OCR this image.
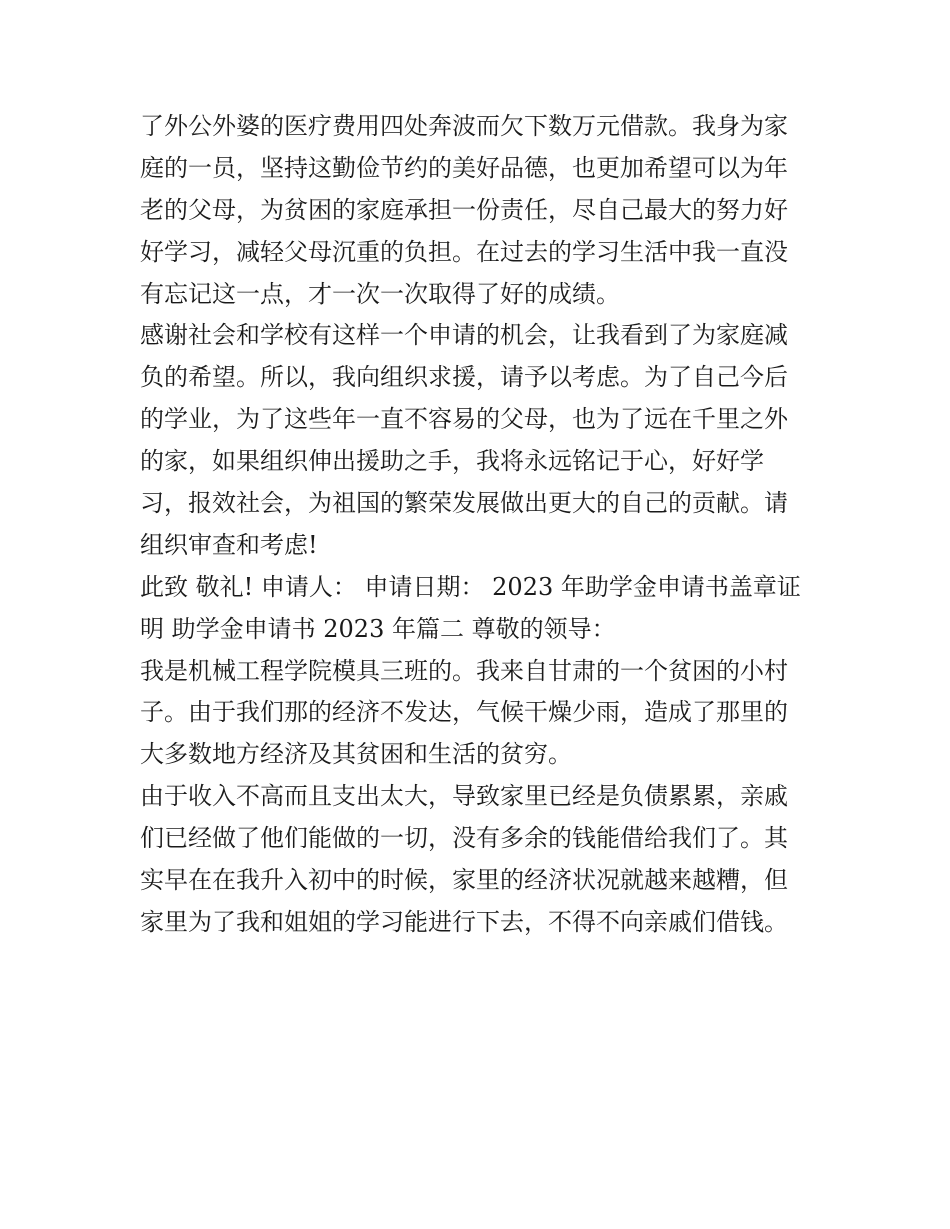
了外公外婆的医疗费用四处奔波而欠下数万元借款。我身为家
庭的一员，坚持这勤俭节约的美好品德，也更加希望可以为年
老的父母，为贫困的家庭承担一份责任，尽自己最大的努力好
好学习，减轻父母沉重的负担。在过去的学习生活中我一直没
有忘记这一点，才一次一次取得了好的成绩。
感谢社会和学校有这样一个申请的机会，让我看到了为家庭减
负的希望。所以，我向组织求援，请予以考虑。为了自己今后
的学业，为了这些年一直不容易的父母，也为了远在千里之外
的家，如果组织伸出援助之手，我将永远铭记于心，好好学
习，报效社会，为祖国的繁荣发展做出更大的自己的贡献。请
组织审查和考虑!
此致 敬礼! 申请人： 申请日期： 2023 年助学金申请书盖章证
明 助学金申请书 2023 年篇二 尊敬的领导：
我是机械工程学院模具三班的。我来自甘肃的一个贫困的小村
子。由于我们那的经济不发达，气候干燥少雨，造成了那里的
大多数地方经济及其贫困和生活的贫穷。
由于收入不高而且支出太大，导致家里已经是负债累累，亲戚
们已经做了他们能做的一切，没有多余的钱能借给我们了。其
实早在在我升入初中的时候，家里的经济状况就越来越糟，但
家里为了我和姐姐的学习能进行下去，不得不向亲戚们借钱。
